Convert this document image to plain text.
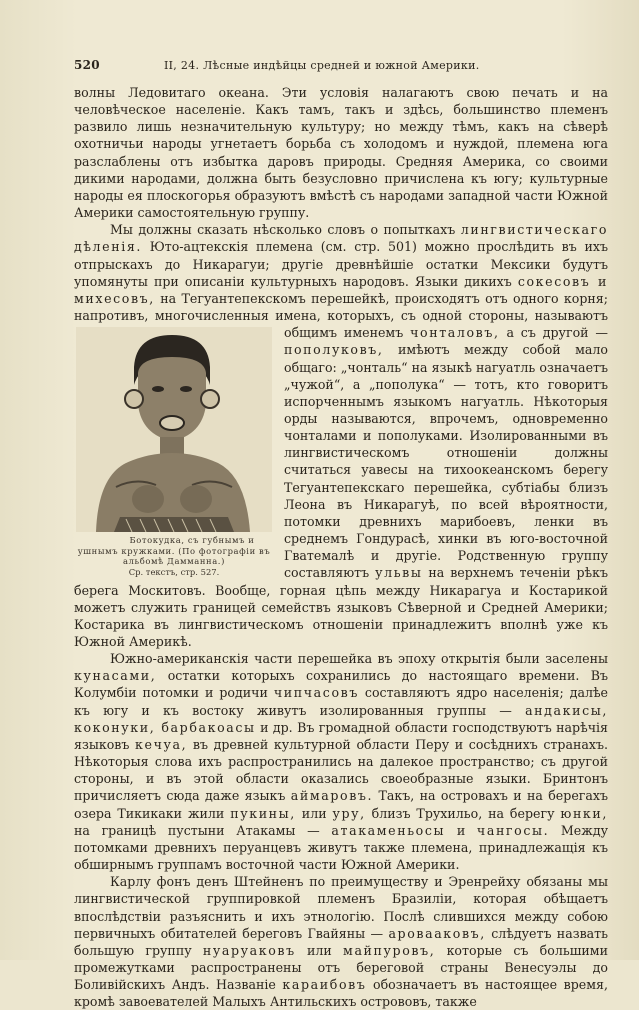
520	II, 24. Лѣсные индѣйцы средней и южной Америки.

волны Ледовитаго океана. Эти условія налагаютъ свою печать и на человѣческое населеніе. Какъ тамъ, такъ и здѣсь, большинство племенъ развило лишь незначительную культуру; но между тѣмъ, какъ на сѣверѣ охотничьи народы угнетаетъ борьба съ холодомъ и нуждой, племена юга разслаблены отъ избытка даровъ природы. Средняя Америка, со своими дикими народами, должна быть безусловно причислена къ югу; культурные народы ея плоскогорья образуютъ вмѣстѣ съ народами западной части Южной Америки самостоятельную группу.

Мы должны сказать нѣсколько словъ о попыткахъ лингвистическаго дѣленія. Юто-ацтекскія племена (см. стр. 501) можно прослѣдить въ ихъ отпрыскахъ до Никарагуи; другіе древнѣйшіе остатки Мексики будутъ упомянуты при описаніи культурныхъ народовъ. Языки дикихъ сокесовъ и михесовъ, на Тегуантепекскомъ перешейкѣ, происходятъ отъ одного корня; напротивъ, многочисленныя имена, которыхъ, съ одной стороны, называютъ общимъ именемъ
Ботокудка, съ губнымъ и ушнымъ кружками. (По фотографіи въ альбомѣ Дамманна.)
Ср. текстъ, стр. 527.
чонталовъ, а съ другой — пополуковъ, имѣютъ между собой мало общаго: „чонталь“ на языкѣ нагуатль означаетъ „чужой“, а „пополука“ — тотъ, кто говоритъ испорченнымъ языкомъ нагуатль. Нѣкоторыя орды называются, впрочемъ, одновременно чонталами и пополуками. Изолированными въ лингвистическомъ отношеніи должны считаться уавесы на тихоокеанскомъ берегу Тегуантепекскаго перешейка, субтіабы близъ Леона въ Никарагуѣ, по всей вѣроятности, потомки древнихъ марибоевъ, ленки въ среднемъ Гондурасѣ, хинки въ юго-восточной Гватемалѣ и другіе. Родственную группу составляютъ ульвы на верхнемъ теченіи рѣкъ берега Москитовъ. Вообще, горная цѣпь между Никарагуа и Костарикой можетъ служить границей семействъ языковъ Сѣверной и Средней Америки; Костарика въ лингвистическомъ отношеніи принадлежитъ вполнѣ уже къ Южной Америкѣ.

Южно-американскія части перешейка въ эпоху открытія были заселены кунасами, остатки которыхъ сохранились до настоящаго времени. Въ Колумбіи потомки и родичи чипчасовъ составляютъ ядро населенія; далѣе къ югу и къ востоку живутъ изолированныя группы — андакисы, коконуки, барбакоасы и др. Въ громадной области господствуютъ нарѣчія языковъ кечуа, въ древней культурной области Перу и сосѣднихъ странахъ. Нѣкоторыя слова ихъ распространились на далекое пространство; съ другой стороны, и въ этой области оказались своеобразные языки. Бринтонъ причисляетъ сюда даже языкъ аймаровъ. Такъ, на островахъ и на берегахъ озера Тикикаки жили пукины, или уру, близъ Трухильо, на берегу юнки, на границѣ пустыни Атакамы — атакаменьосы и чангосы. Между потомками древнихъ перуанцевъ живутъ также племена, принадлежащія къ обширнымъ группамъ восточной части Южной Америки.

Карлу фонъ денъ Штейненъ по преимуществу и Эренрейху обязаны мы лингвистической группировкой племенъ Бразиліи, которая обѣщаетъ впослѣдствіи разъяснить и ихъ этнологію. Послѣ слившихся между собою первичныхъ обитателей береговъ Гвайяны — аровааковъ, слѣдуетъ назвать большую группу нуаруаковъ или майпуровъ, которые съ большими промежутками распространены отъ береговой страны Венесуэлы до Боливійскихъ Андъ. Названіе карaибовъ обозначаетъ въ настоящее время, кромѣ завоевателей Малыхъ Антильскихъ острововъ, также
